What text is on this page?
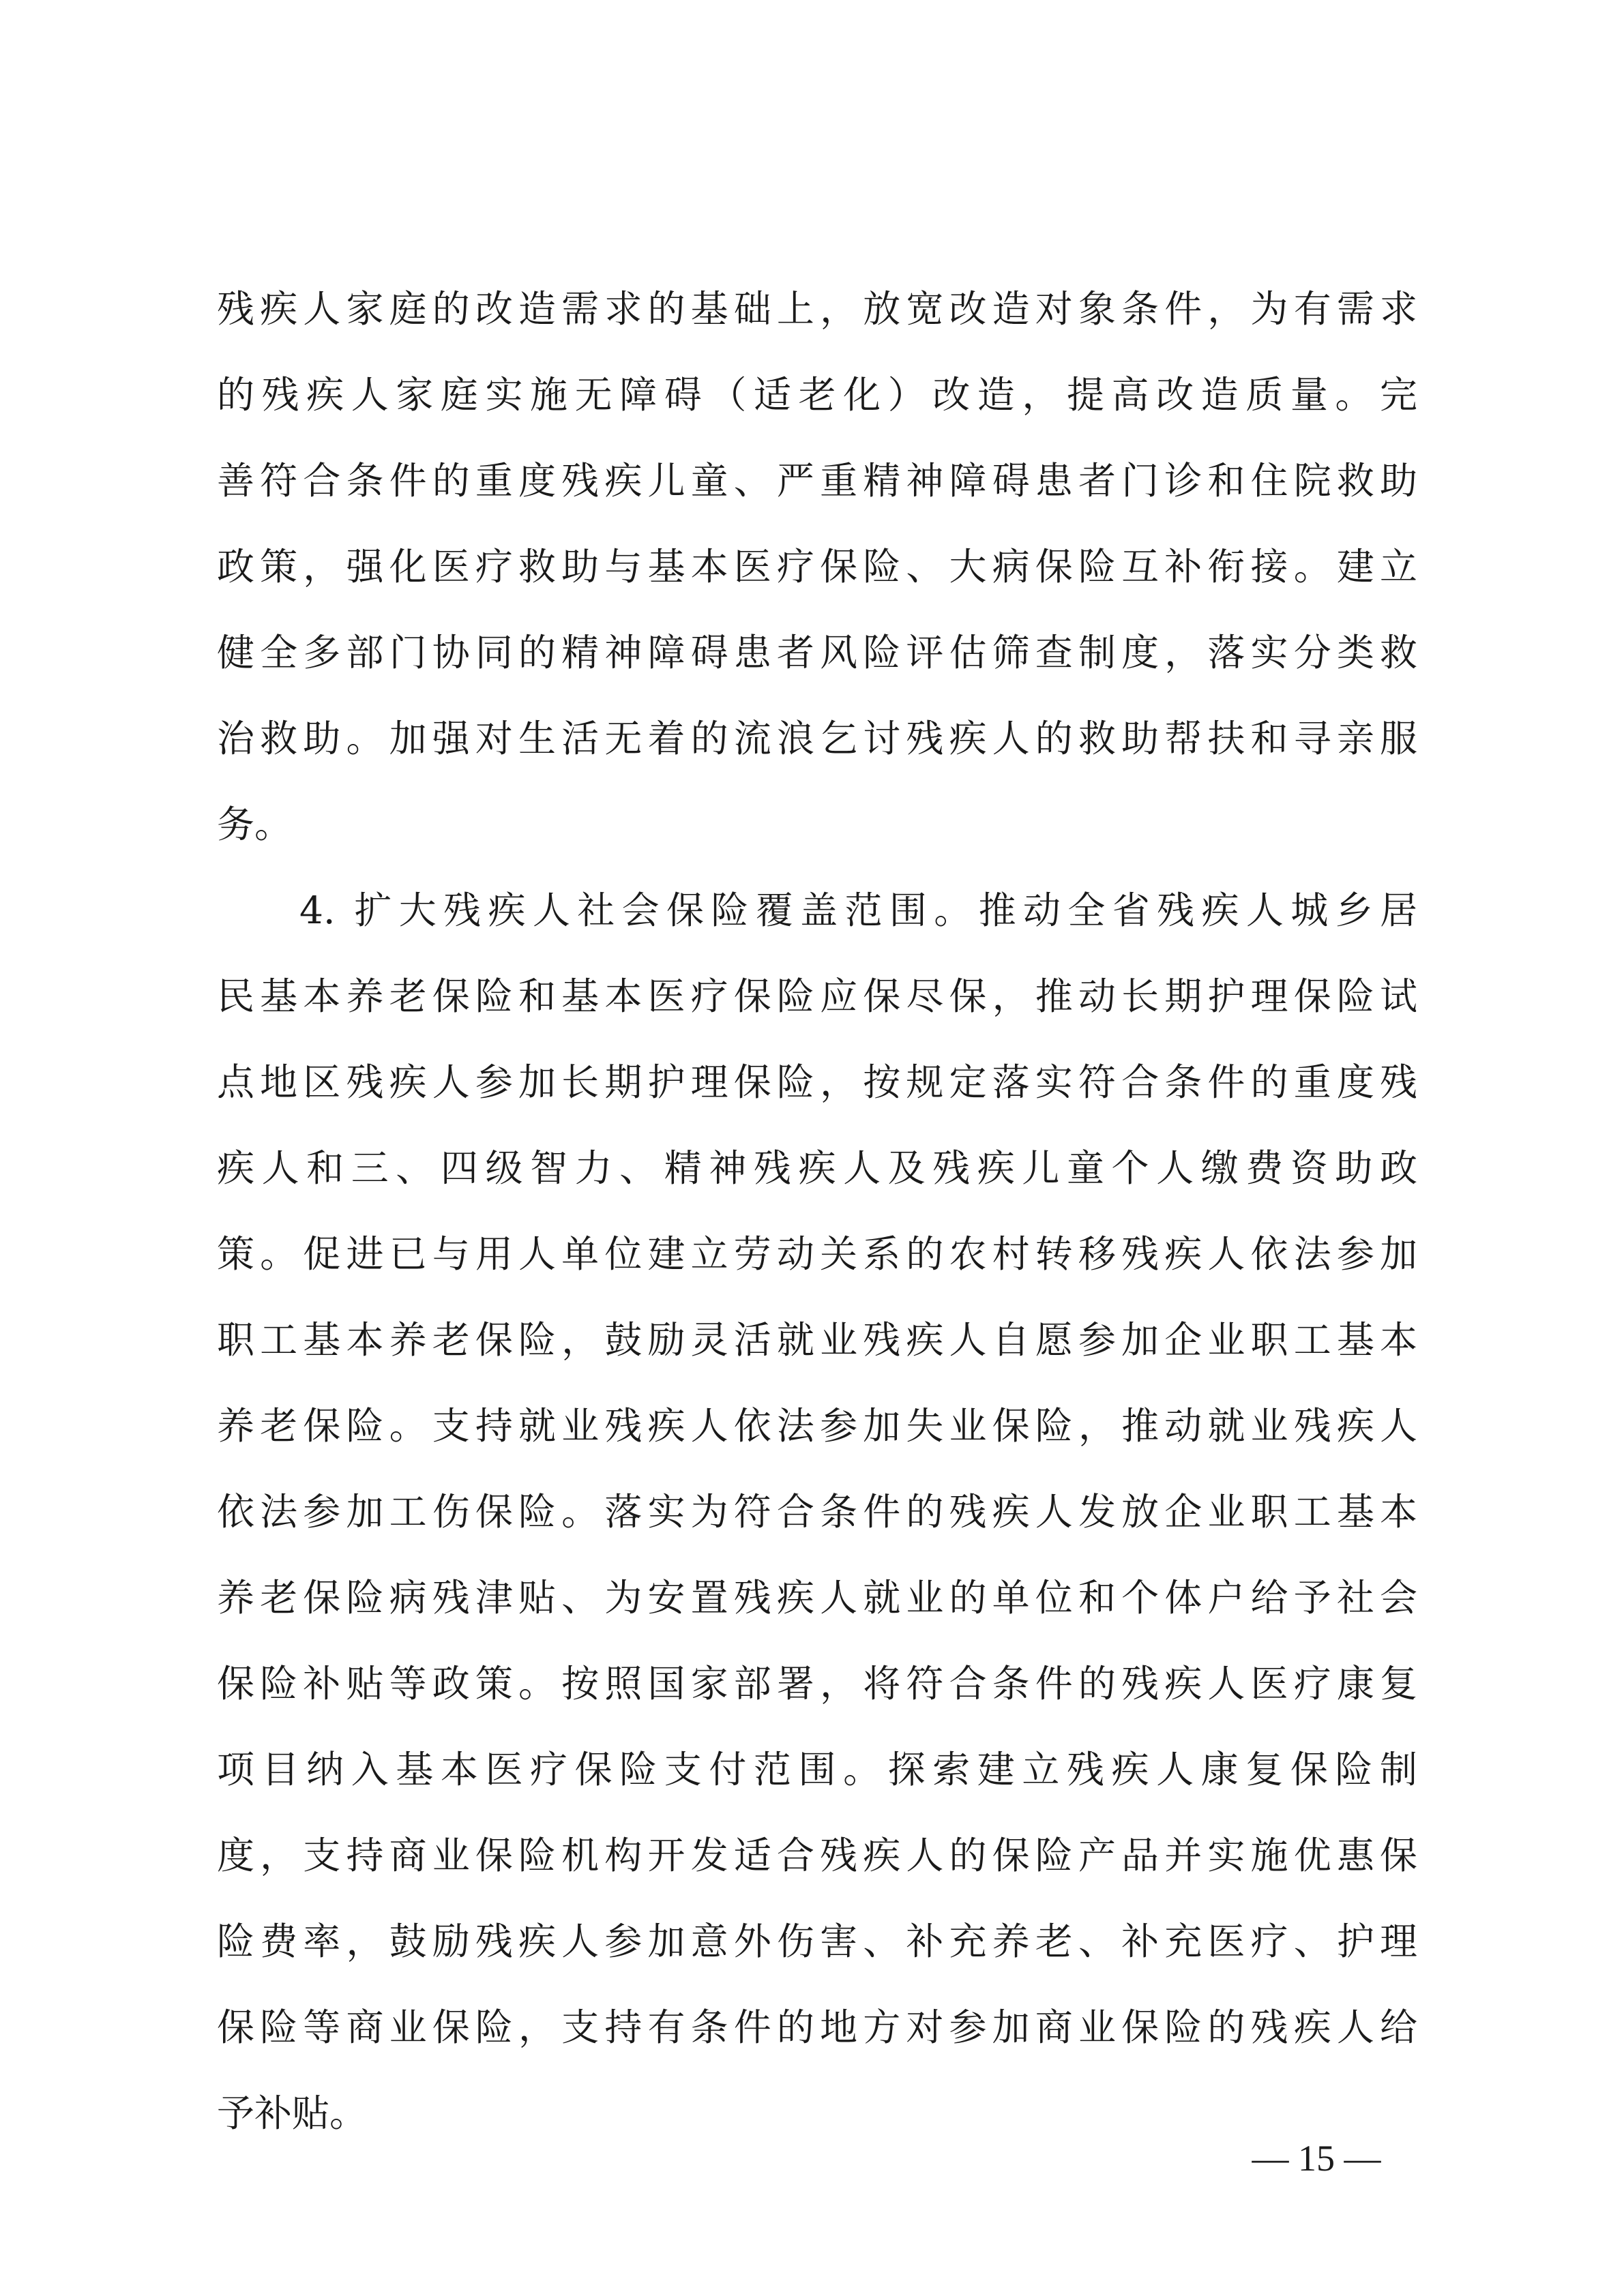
残疾人家庭的改造需求的基础上，放宽改造对象条件，为有需求
的残疾人家庭实施无障碍（适老化）改造，提高改造质量。完
善符合条件的重度残疾儿童、严重精神障碍患者门诊和住院救助
政策，强化医疗救助与基本医疗保险、大病保险互补衔接。建立
健全多部门协同的精神障碍患者风险评估筛查制度，落实分类救
治救助。加强对生活无着的流浪乞讨残疾人的救助帮扶和寻亲服
务。
4. 扩大残疾人社会保险覆盖范围。推动全省残疾人城乡居
民基本养老保险和基本医疗保险应保尽保，推动长期护理保险试
点地区残疾人参加长期护理保险，按规定落实符合条件的重度残
疾人和三、四级智力、精神残疾人及残疾儿童个人缴费资助政
策。促进已与用人单位建立劳动关系的农村转移残疾人依法参加
职工基本养老保险，鼓励灵活就业残疾人自愿参加企业职工基本
养老保险。支持就业残疾人依法参加失业保险，推动就业残疾人
依法参加工伤保险。落实为符合条件的残疾人发放企业职工基本
养老保险病残津贴、为安置残疾人就业的单位和个体户给予社会
保险补贴等政策。按照国家部署，将符合条件的残疾人医疗康复
项目纳入基本医疗保险支付范围。探索建立残疾人康复保险制
度，支持商业保险机构开发适合残疾人的保险产品并实施优惠保
险费率，鼓励残疾人参加意外伤害、补充养老、补充医疗、护理
保险等商业保险，支持有条件的地方对参加商业保险的残疾人给
予补贴。
— 15 —
